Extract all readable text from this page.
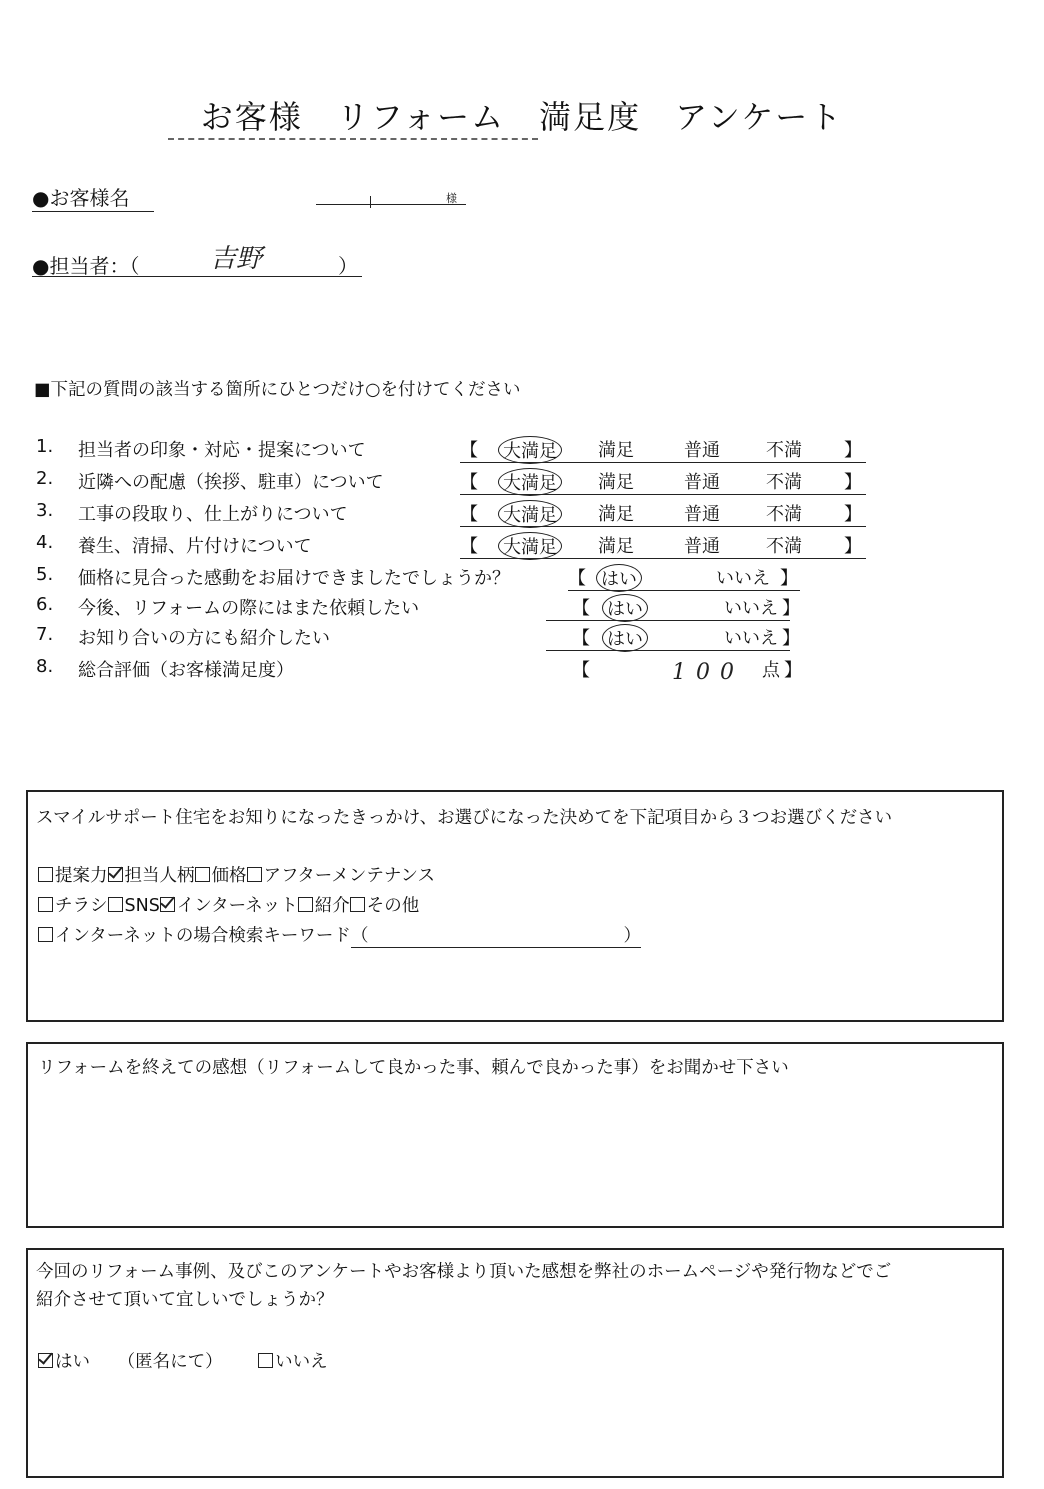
お客様　リフォーム　満足度　アンケート
●お客様名	様
●担当者：（	吉野	）
■下記の質問の該当する箇所にひとつだけ○を付けてください
1.	担当者の印象・対応・提案について	【 大満足 満足	普通	不満 】
2.	近隣への配慮（挨拶、駐車）について	【 大満足 満足	普通	不満 】
3.	工事の段取り、仕上がりについて	【 大満足 満足	普通	不満 】
4.	養生、清掃、片付けについて	【 大満足 満足	普通	不満 】
5.	価格に見合った感動をお届けできましたでしょうか？	【 はい	いいえ 】
6.	今後、リフォームの際にはまた依頼したい	【 はい	いいえ 】
7.	お知り合いの方にも紹介したい	【 はい	いいえ 】
8.	総合評価（お客様満足度）	【	100 点 】
スマイルサポート住宅をお知りになったきっかけ、お選びになった決めてを下記項目から３つお選びください
提案力 担当人柄 価格 アフターメンテナンス
チラシ SNS インターネット 紹介 その他
インターネットの場合検索キーワード（	）
リフォームを終えての感想（リフォームして良かった事、頼んで良かった事）をお聞かせ下さい
今回のリフォーム事例、及びこのアンケートやお客様より頂いた感想を弊社のホームページや発行物などでご
紹介させて頂いて宜しいでしょうか？
はい （匿名にて）	いいえ
